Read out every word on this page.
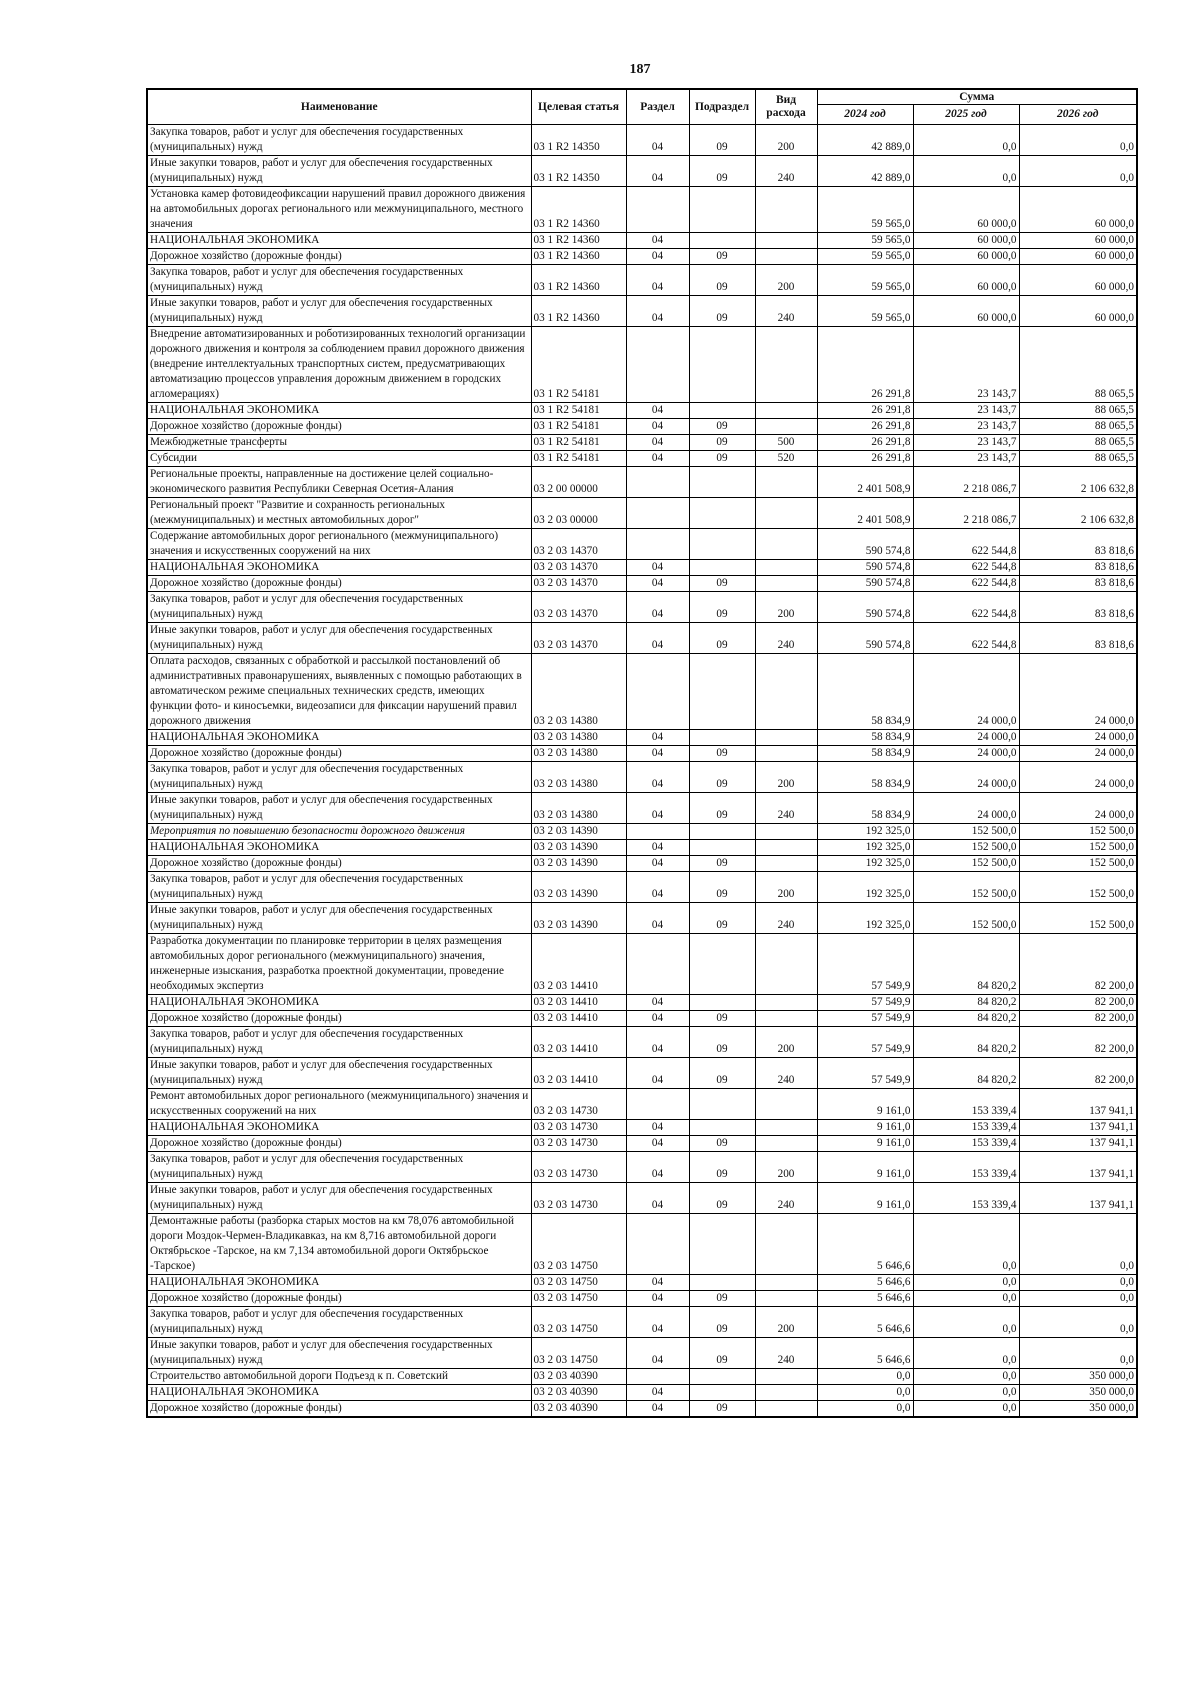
187
Наименование	Целевая статья	Раздел	Подраздел	Вид расхода	Сумма		
					2024 год	2025 год	2026 год
Закупка товаров, работ и услуг для обеспечения государственных (муниципальных) нужд	03 1 R2 14350	04	09	200	42 889,0	0,0	0,0
Иные закупки товаров, работ и услуг для обеспечения государственных (муниципальных) нужд	03 1 R2 14350	04	09	240	42 889,0	0,0	0,0
Установка камер фотовидеофиксации нарушений правил дорожного движения на автомобильных дорогах регионального или межмуниципального, местного значения	03 1 R2 14360				59 565,0	60 000,0	60 000,0
НАЦИОНАЛЬНАЯ ЭКОНОМИКА	03 1 R2 14360	04			59 565,0	60 000,0	60 000,0
Дорожное хозяйство (дорожные фонды)	03 1 R2 14360	04	09		59 565,0	60 000,0	60 000,0
Закупка товаров, работ и услуг для обеспечения государственных (муниципальных) нужд	03 1 R2 14360	04	09	200	59 565,0	60 000,0	60 000,0
Иные закупки товаров, работ и услуг для обеспечения государственных (муниципальных) нужд	03 1 R2 14360	04	09	240	59 565,0	60 000,0	60 000,0
Внедрение автоматизированных и роботизированных технологий организации дорожного движения и контроля за соблюдением правил дорожного движения (внедрение интеллектуальных транспортных систем, предусматривающих автоматизацию процессов управления дорожным движением в городских агломерациях)	03 1 R2 54181				26 291,8	23 143,7	88 065,5
НАЦИОНАЛЬНАЯ ЭКОНОМИКА	03 1 R2 54181	04			26 291,8	23 143,7	88 065,5
Дорожное хозяйство (дорожные фонды)	03 1 R2 54181	04	09		26 291,8	23 143,7	88 065,5
Межбюджетные трансферты	03 1 R2 54181	04	09	500	26 291,8	23 143,7	88 065,5
Субсидии	03 1 R2 54181	04	09	520	26 291,8	23 143,7	88 065,5
Региональные проекты, направленные на достижение целей социально-экономического развития Республики Северная Осетия-Алания	03 2 00 00000				2 401 508,9	2 218 086,7	2 106 632,8
Региональный проект "Развитие и сохранность региональных (межмуниципальных) и местных автомобильных дорог"	03 2 03 00000				2 401 508,9	2 218 086,7	2 106 632,8
Содержание автомобильных дорог регионального (межмуниципального) значения и искусственных сооружений на них	03 2 03 14370				590 574,8	622 544,8	83 818,6
НАЦИОНАЛЬНАЯ ЭКОНОМИКА	03 2 03 14370	04			590 574,8	622 544,8	83 818,6
Дорожное хозяйство (дорожные фонды)	03 2 03 14370	04	09		590 574,8	622 544,8	83 818,6
Закупка товаров, работ и услуг для обеспечения государственных (муниципальных) нужд	03 2 03 14370	04	09	200	590 574,8	622 544,8	83 818,6
Иные закупки товаров, работ и услуг для обеспечения государственных (муниципальных) нужд	03 2 03 14370	04	09	240	590 574,8	622 544,8	83 818,6
Оплата расходов, связанных с обработкой и рассылкой постановлений об административных правонарушениях, выявленных с помощью работающих в автоматическом режиме специальных технических средств, имеющих функции фото- и киносъемки, видеозаписи для фиксации нарушений правил дорожного движения	03 2 03 14380				58 834,9	24 000,0	24 000,0
НАЦИОНАЛЬНАЯ ЭКОНОМИКА	03 2 03 14380	04			58 834,9	24 000,0	24 000,0
Дорожное хозяйство (дорожные фонды)	03 2 03 14380	04	09		58 834,9	24 000,0	24 000,0
Закупка товаров, работ и услуг для обеспечения государственных (муниципальных) нужд	03 2 03 14380	04	09	200	58 834,9	24 000,0	24 000,0
Иные закупки товаров, работ и услуг для обеспечения государственных (муниципальных) нужд	03 2 03 14380	04	09	240	58 834,9	24 000,0	24 000,0
Мероприятия по повышению безопасности дорожного движения	03 2 03 14390				192 325,0	152 500,0	152 500,0
НАЦИОНАЛЬНАЯ ЭКОНОМИКА	03 2 03 14390	04			192 325,0	152 500,0	152 500,0
Дорожное хозяйство (дорожные фонды)	03 2 03 14390	04	09		192 325,0	152 500,0	152 500,0
Закупка товаров, работ и услуг для обеспечения государственных (муниципальных) нужд	03 2 03 14390	04	09	200	192 325,0	152 500,0	152 500,0
Иные закупки товаров, работ и услуг для обеспечения государственных (муниципальных) нужд	03 2 03 14390	04	09	240	192 325,0	152 500,0	152 500,0
Разработка документации по планировке территории в целях размещения автомобильных дорог регионального (межмуниципального) значения, инженерные изыскания, разработка проектной документации, проведение необходимых экспертиз	03 2 03 14410				57 549,9	84 820,2	82 200,0
НАЦИОНАЛЬНАЯ ЭКОНОМИКА	03 2 03 14410	04			57 549,9	84 820,2	82 200,0
Дорожное хозяйство (дорожные фонды)	03 2 03 14410	04	09		57 549,9	84 820,2	82 200,0
Закупка товаров, работ и услуг для обеспечения государственных (муниципальных) нужд	03 2 03 14410	04	09	200	57 549,9	84 820,2	82 200,0
Иные закупки товаров, работ и услуг для обеспечения государственных (муниципальных) нужд	03 2 03 14410	04	09	240	57 549,9	84 820,2	82 200,0
Ремонт автомобильных дорог регионального (межмуниципального) значения и искусственных сооружений на них	03 2 03 14730				9 161,0	153 339,4	137 941,1
НАЦИОНАЛЬНАЯ ЭКОНОМИКА	03 2 03 14730	04			9 161,0	153 339,4	137 941,1
Дорожное хозяйство (дорожные фонды)	03 2 03 14730	04	09		9 161,0	153 339,4	137 941,1
Закупка товаров, работ и услуг для обеспечения государственных (муниципальных) нужд	03 2 03 14730	04	09	200	9 161,0	153 339,4	137 941,1
Иные закупки товаров, работ и услуг для обеспечения государственных (муниципальных) нужд	03 2 03 14730	04	09	240	9 161,0	153 339,4	137 941,1
Демонтажные работы (разборка старых мостов на км 78,076 автомобильной дороги Моздок-Чермен-Владикавказ, на км 8,716 автомобильной дороги Октябрьское -Тарское, на км 7,134 автомобильной дороги Октябрьское -Тарское)	03 2 03 14750				5 646,6	0,0	0,0
НАЦИОНАЛЬНАЯ ЭКОНОМИКА	03 2 03 14750	04			5 646,6	0,0	0,0
Дорожное хозяйство (дорожные фонды)	03 2 03 14750	04	09		5 646,6	0,0	0,0
Закупка товаров, работ и услуг для обеспечения государственных (муниципальных) нужд	03 2 03 14750	04	09	200	5 646,6	0,0	0,0
Иные закупки товаров, работ и услуг для обеспечения государственных (муниципальных) нужд	03 2 03 14750	04	09	240	5 646,6	0,0	0,0
Строительство автомобильной дороги Подъезд к п. Советский	03 2 03 40390				0,0	0,0	350 000,0
НАЦИОНАЛЬНАЯ ЭКОНОМИКА	03 2 03 40390	04			0,0	0,0	350 000,0
Дорожное хозяйство (дорожные фонды)	03 2 03 40390	04	09		0,0	0,0	350 000,0
